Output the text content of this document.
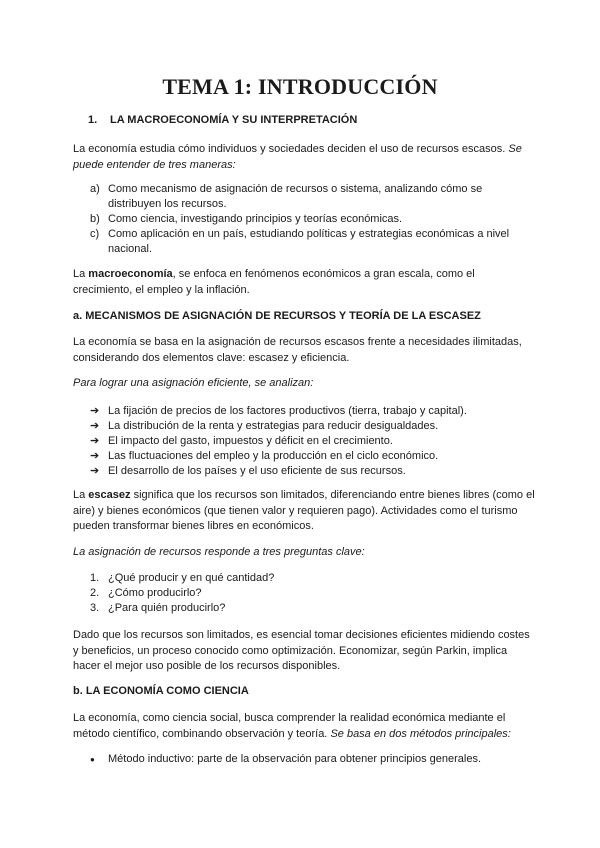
TEMA 1: INTRODUCCIÓN
1. LA MACROECONOMÍA Y SU INTERPRETACIÓN

La economía estudia cómo individuos y sociedades deciden el uso de recursos escasos. Se puede entender de tres maneras:

a) Como mecanismo de asignación de recursos o sistema, analizando cómo se distribuyen los recursos.
b) Como ciencia, investigando principios y teorías económicas.
c) Como aplicación en un país, estudiando políticas y estrategias económicas a nivel nacional.

La macroeconomía, se enfoca en fenómenos económicos a gran escala, como el crecimiento, el empleo y la inflación.

a. MECANISMOS DE ASIGNACIÓN DE RECURSOS Y TEORÍA DE LA ESCASEZ

La economía se basa en la asignación de recursos escasos frente a necesidades ilimitadas, considerando dos elementos clave: escasez y eficiencia.

Para lograr una asignación eficiente, se analizan:

➔ La fijación de precios de los factores productivos (tierra, trabajo y capital).
➔ La distribución de la renta y estrategias para reducir desigualdades.
➔ El impacto del gasto, impuestos y déficit en el crecimiento.
➔ Las fluctuaciones del empleo y la producción en el ciclo económico.
➔ El desarrollo de los países y el uso eficiente de sus recursos.

La escasez significa que los recursos son limitados, diferenciando entre bienes libres (como el aire) y bienes económicos (que tienen valor y requieren pago). Actividades como el turismo pueden transformar bienes libres en económicos.

La asignación de recursos responde a tres preguntas clave:

1. ¿Qué producir y en qué cantidad?
2. ¿Cómo producirlo?
3. ¿Para quién producirlo?

Dado que los recursos son limitados, es esencial tomar decisiones eficientes midiendo costes y beneficios, un proceso conocido como optimización. Economizar, según Parkin, implica hacer el mejor uso posible de los recursos disponibles.

b. LA ECONOMÍA COMO CIENCIA

La economía, como ciencia social, busca comprender la realidad económica mediante el método científico, combinando observación y teoría. Se basa en dos métodos principales:

● Método inductivo: parte de la observación para obtener principios generales.
